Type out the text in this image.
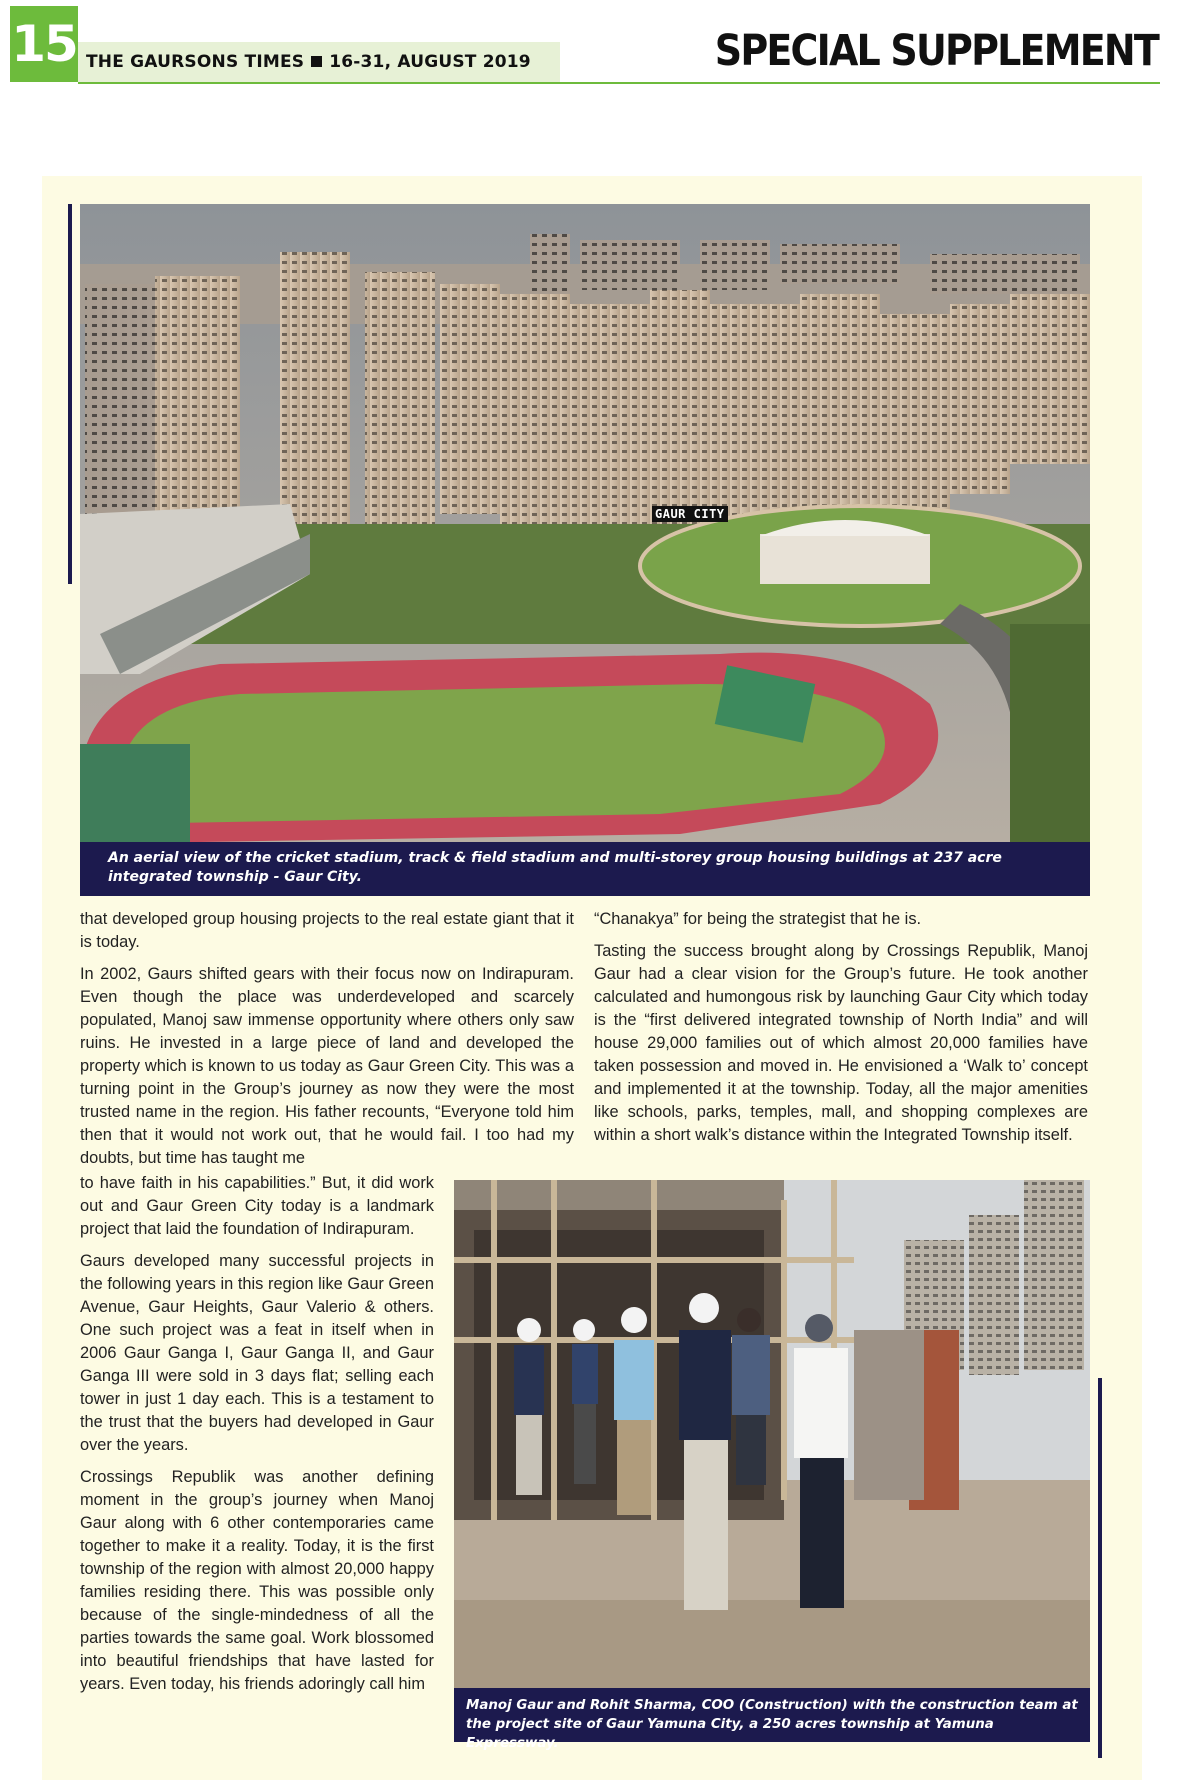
15 THE GAURSONS TIMES 16-31, AUGUST 2019	SPECIAL SUPPLEMENT
GAUR CITY
An aerial view of the cricket stadium, track & field stadium and multi-storey group housing buildings at 237 acre integrated township - Gaur City.

that developed group housing projects to the real estate giant that it is today.

In 2002, Gaurs shifted gears with their focus now on Indirapuram. Even though the place was underdeveloped and scarcely populated, Manoj saw immense opportunity where others only saw ruins. He invested in a large piece of land and developed the property which is known to us today as Gaur Green City. This was a turning point in the Group’s journey as now they were the most trusted name in the region. His father recounts, “Everyone told him then that it would not work out, that he would fail. I too had my doubts, but time has taught me

to have faith in his capabilities.” But, it did work out and Gaur Green City today is a landmark project that laid the foundation of Indirapuram.

Gaurs developed many successful projects in the following years in this region like Gaur Green Avenue, Gaur Heights, Gaur Valerio & others. One such project was a feat in itself when in 2006 Gaur Ganga I, Gaur Ganga II, and Gaur Ganga III were sold in 3 days flat; selling each tower in just 1 day each. This is a testament to the trust that the buyers had developed in Gaur over the years.

Crossings Republik was another defining moment in the group’s journey when Manoj Gaur along with 6 other contemporaries came together to make it a reality. Today, it is the first township of the region with almost 20,000 happy families residing there. This was possible only because of the single-mindedness of all the parties towards the same goal. Work blossomed into beautiful friendships that have lasted for years. Even today, his friends adoringly call him

“Chanakya” for being the strategist that he is.

Tasting the success brought along by Crossings Republik, Manoj Gaur had a clear vision for the Group’s future. He took another calculated and humongous risk by launching Gaur City which today is the “first delivered integrated township of North India” and will house 29,000 families out of which almost 20,000 families have taken possession and moved in. He envisioned a ‘Walk to’ concept and implemented it at the township. Today, all the major amenities like schools, parks, temples, mall, and shopping complexes are within a short walk’s distance within the Integrated Township itself.

Manoj Gaur and Rohit Sharma, COO (Construction) with the construction team at the project site of Gaur Yamuna City, a 250 acres township at Yamuna Expressway.
